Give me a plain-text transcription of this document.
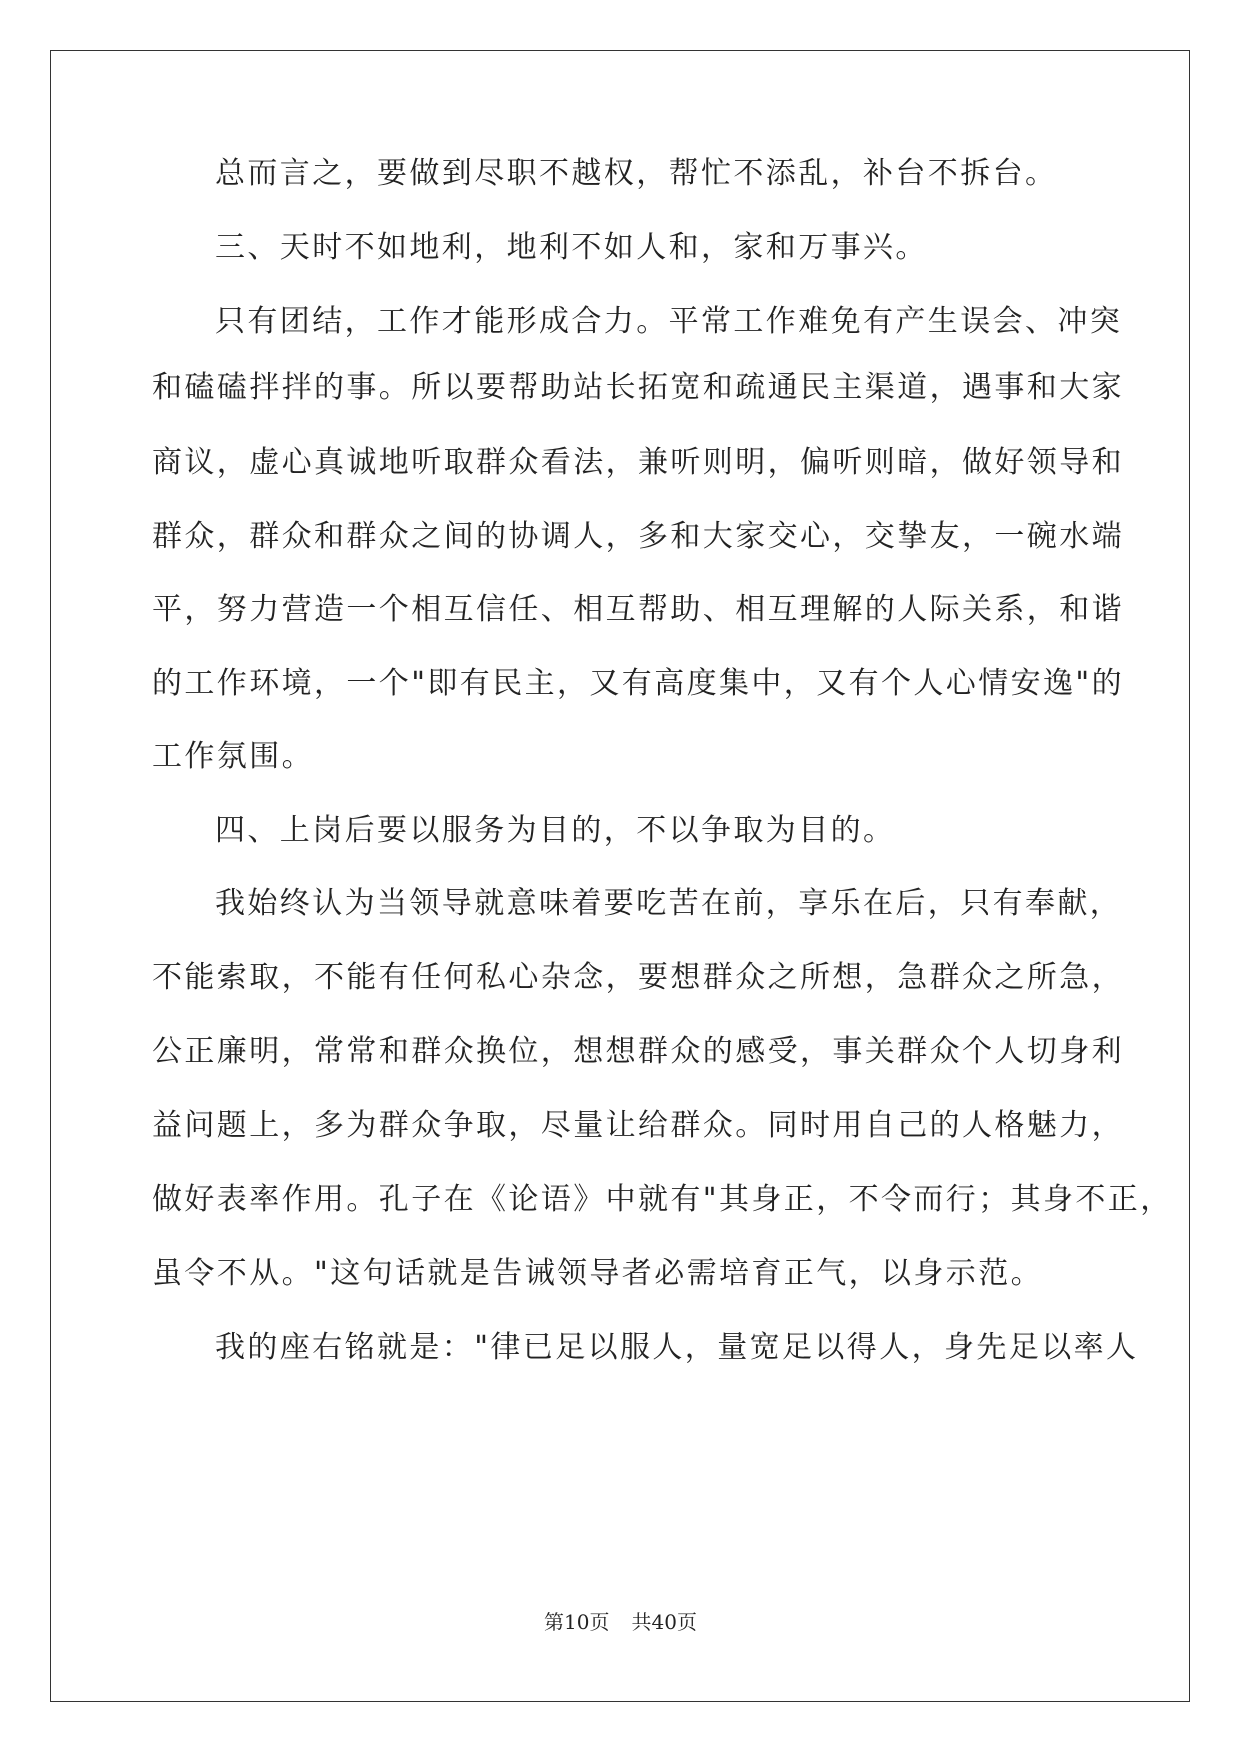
总而言之，要做到尽职不越权，帮忙不添乱，补台不拆台。
三、天时不如地利，地利不如人和，家和万事兴。
只有团结，工作才能形成合力。平常工作难免有产生误会、冲突
和磕磕拌拌的事。所以要帮助站长拓宽和疏通民主渠道，遇事和大家
商议，虚心真诚地听取群众看法，兼听则明，偏听则暗，做好领导和
群众，群众和群众之间的协调人，多和大家交心，交挚友，一碗水端
平，努力营造一个相互信任、相互帮助、相互理解的人际关系，和谐
的工作环境，一个"即有民主，又有高度集中，又有个人心情安逸"的
工作氛围。
四、上岗后要以服务为目的，不以争取为目的。
我始终认为当领导就意味着要吃苦在前，享乐在后，只有奉献，
不能索取，不能有任何私心杂念，要想群众之所想，急群众之所急，
公正廉明，常常和群众换位，想想群众的感受，事关群众个人切身利
益问题上，多为群众争取，尽量让给群众。同时用自己的人格魅力，
做好表率作用。孔子在《论语》中就有"其身正，不令而行；其身不正，
虽令不从。"这句话就是告诫领导者必需培育正气，以身示范。
我的座右铭就是："律已足以服人，量宽足以得人，身先足以率人
第10页 共40页
